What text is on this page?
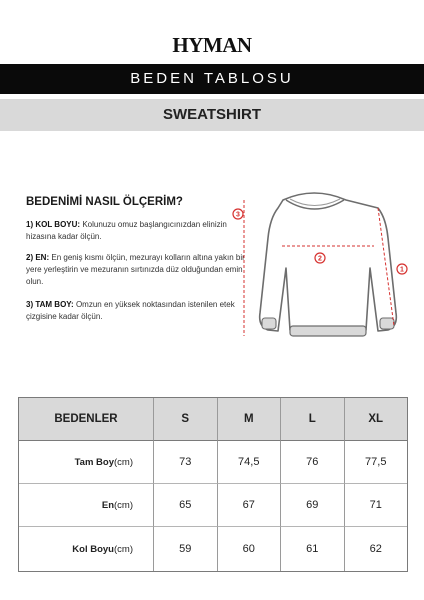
HYMAN
BEDEN TABLOSU
SWEATSHIRT
BEDENİMİ NASIL ÖLÇERİM?
1) KOL BOYU: Kolunuzu omuz başlangıcınızdan elinizin hizasına kadar ölçün.
2) EN: En geniş kısmı ölçün, mezurayı kolların altına yakın bir yere yerleştirin ve mezuranın sırtınızda düz olduğundan emin olun.
3) TAM BOY: Omzun en yüksek noktasından istenilen etek çizgisine kadar ölçün.
3
2
1
BEDENLER	S	M	L	XL
Tam Boy (cm)	73	74,5	76	77,5
En (cm)	65	67	69	71
Kol Boyu (cm)	59	60	61	62
